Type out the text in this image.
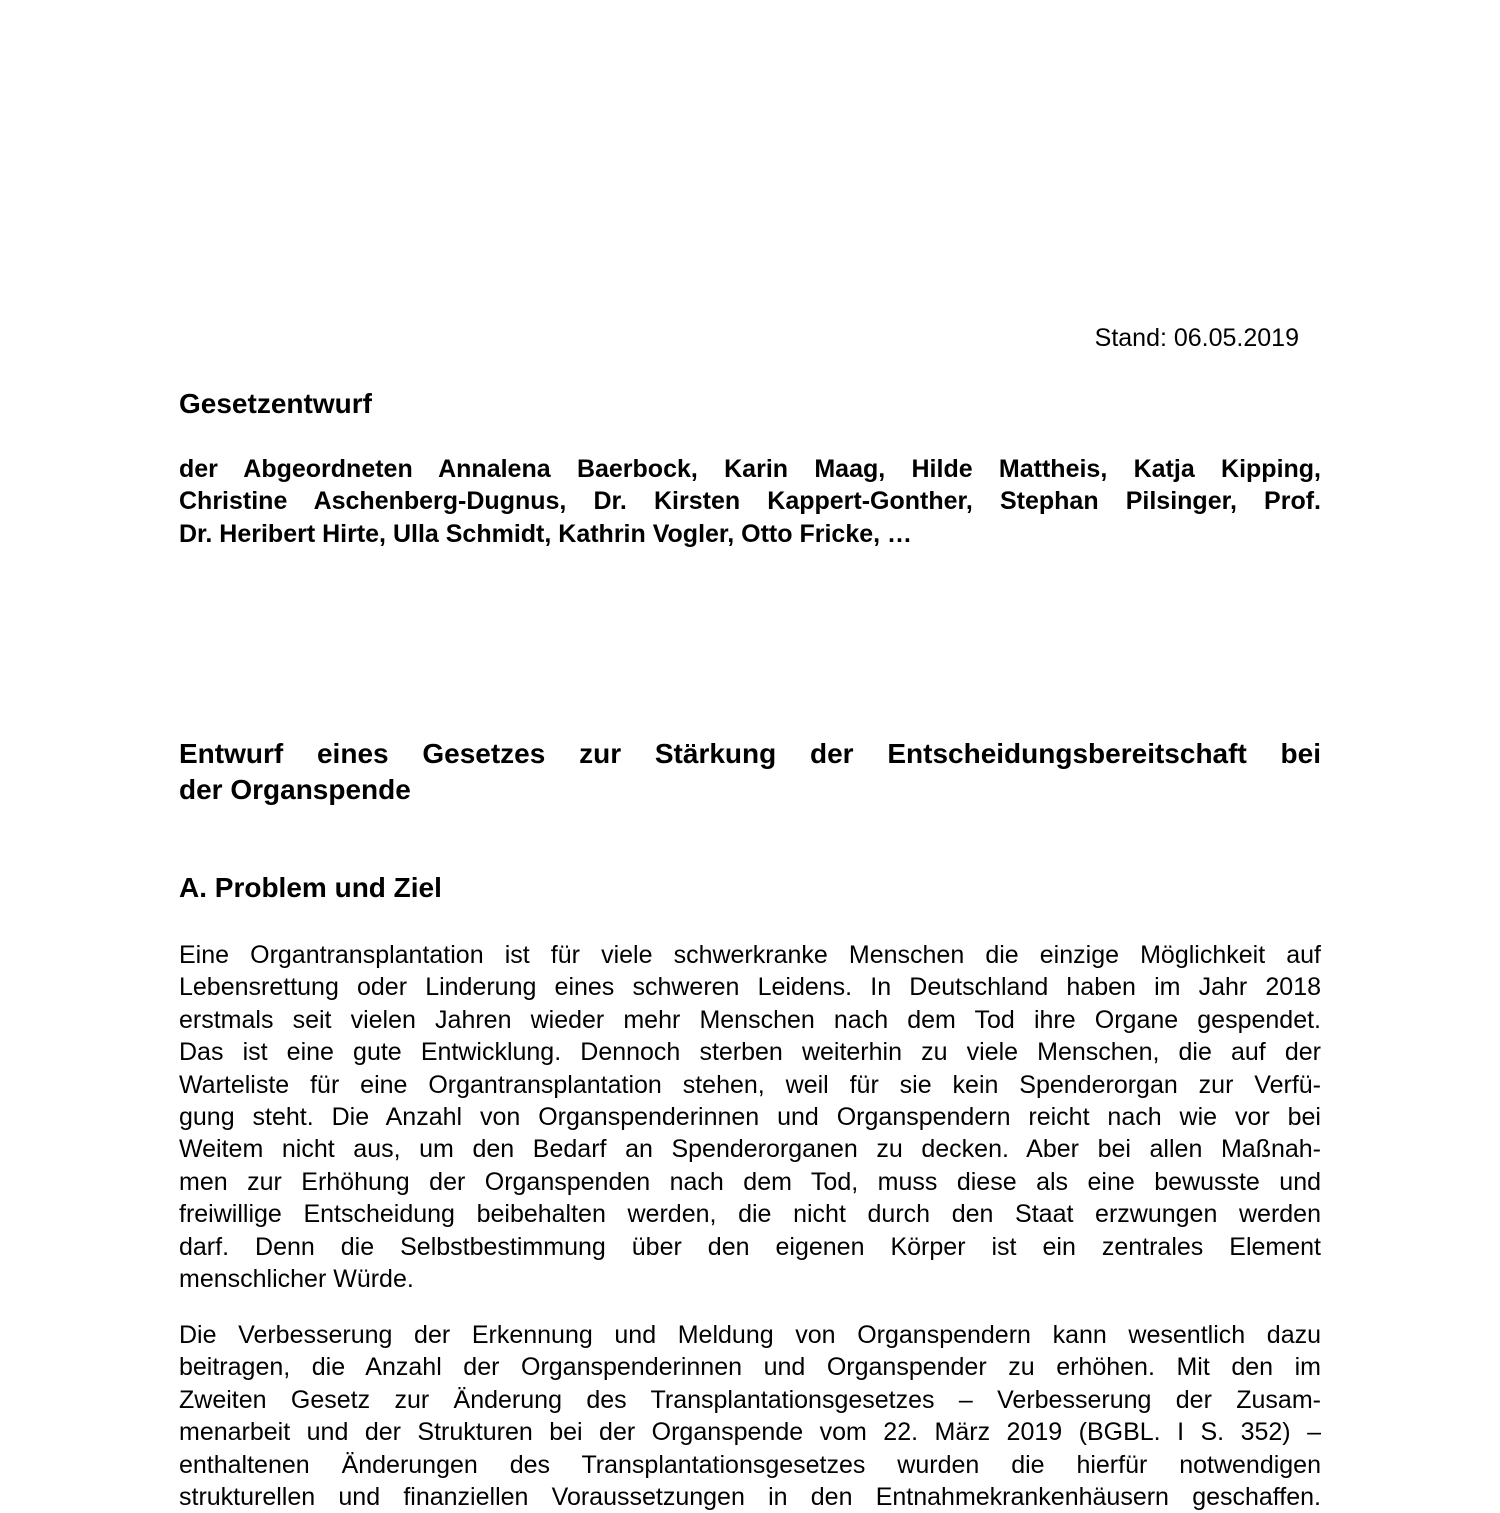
Stand: 06.05.2019
Gesetzentwurf
der Abgeordneten Annalena Baerbock, Karin Maag, Hilde Mattheis, Katja Kipping,
Christine Aschenberg-Dugnus, Dr. Kirsten Kappert-Gonther, Stephan Pilsinger, Prof.
Dr. Heribert Hirte, Ulla Schmidt, Kathrin Vogler, Otto Fricke, …
Entwurf eines Gesetzes zur Stärkung der Entscheidungsbereitschaft bei
der Organspende
A. Problem und Ziel
Eine Organtransplantation ist für viele schwerkranke Menschen die einzige Möglichkeit auf
Lebensrettung oder Linderung eines schweren Leidens. In Deutschland haben im Jahr 2018
erstmals seit vielen Jahren wieder mehr Menschen nach dem Tod ihre Organe gespendet.
Das ist eine gute Entwicklung. Dennoch sterben weiterhin zu viele Menschen, die auf der
Warteliste für eine Organtransplantation stehen, weil für sie kein Spenderorgan zur Verfü-
gung steht. Die Anzahl von Organspenderinnen und Organspendern reicht nach wie vor bei
Weitem nicht aus, um den Bedarf an Spenderorganen zu decken. Aber bei allen Maßnah-
men zur Erhöhung der Organspenden nach dem Tod, muss diese als eine bewusste und
freiwillige Entscheidung beibehalten werden, die nicht durch den Staat erzwungen werden
darf. Denn die Selbstbestimmung über den eigenen Körper ist ein zentrales Element
menschlicher Würde.
Die Verbesserung der Erkennung und Meldung von Organspendern kann wesentlich dazu
beitragen, die Anzahl der Organspenderinnen und Organspender zu erhöhen. Mit den im
Zweiten Gesetz zur Änderung des Transplantationsgesetzes – Verbesserung der Zusam-
menarbeit und der Strukturen bei der Organspende vom 22. März 2019 (BGBL. I S. 352) –
enthaltenen Änderungen des Transplantationsgesetzes wurden die hierfür notwendigen
strukturellen und finanziellen Voraussetzungen in den Entnahmekrankenhäusern geschaffen.
